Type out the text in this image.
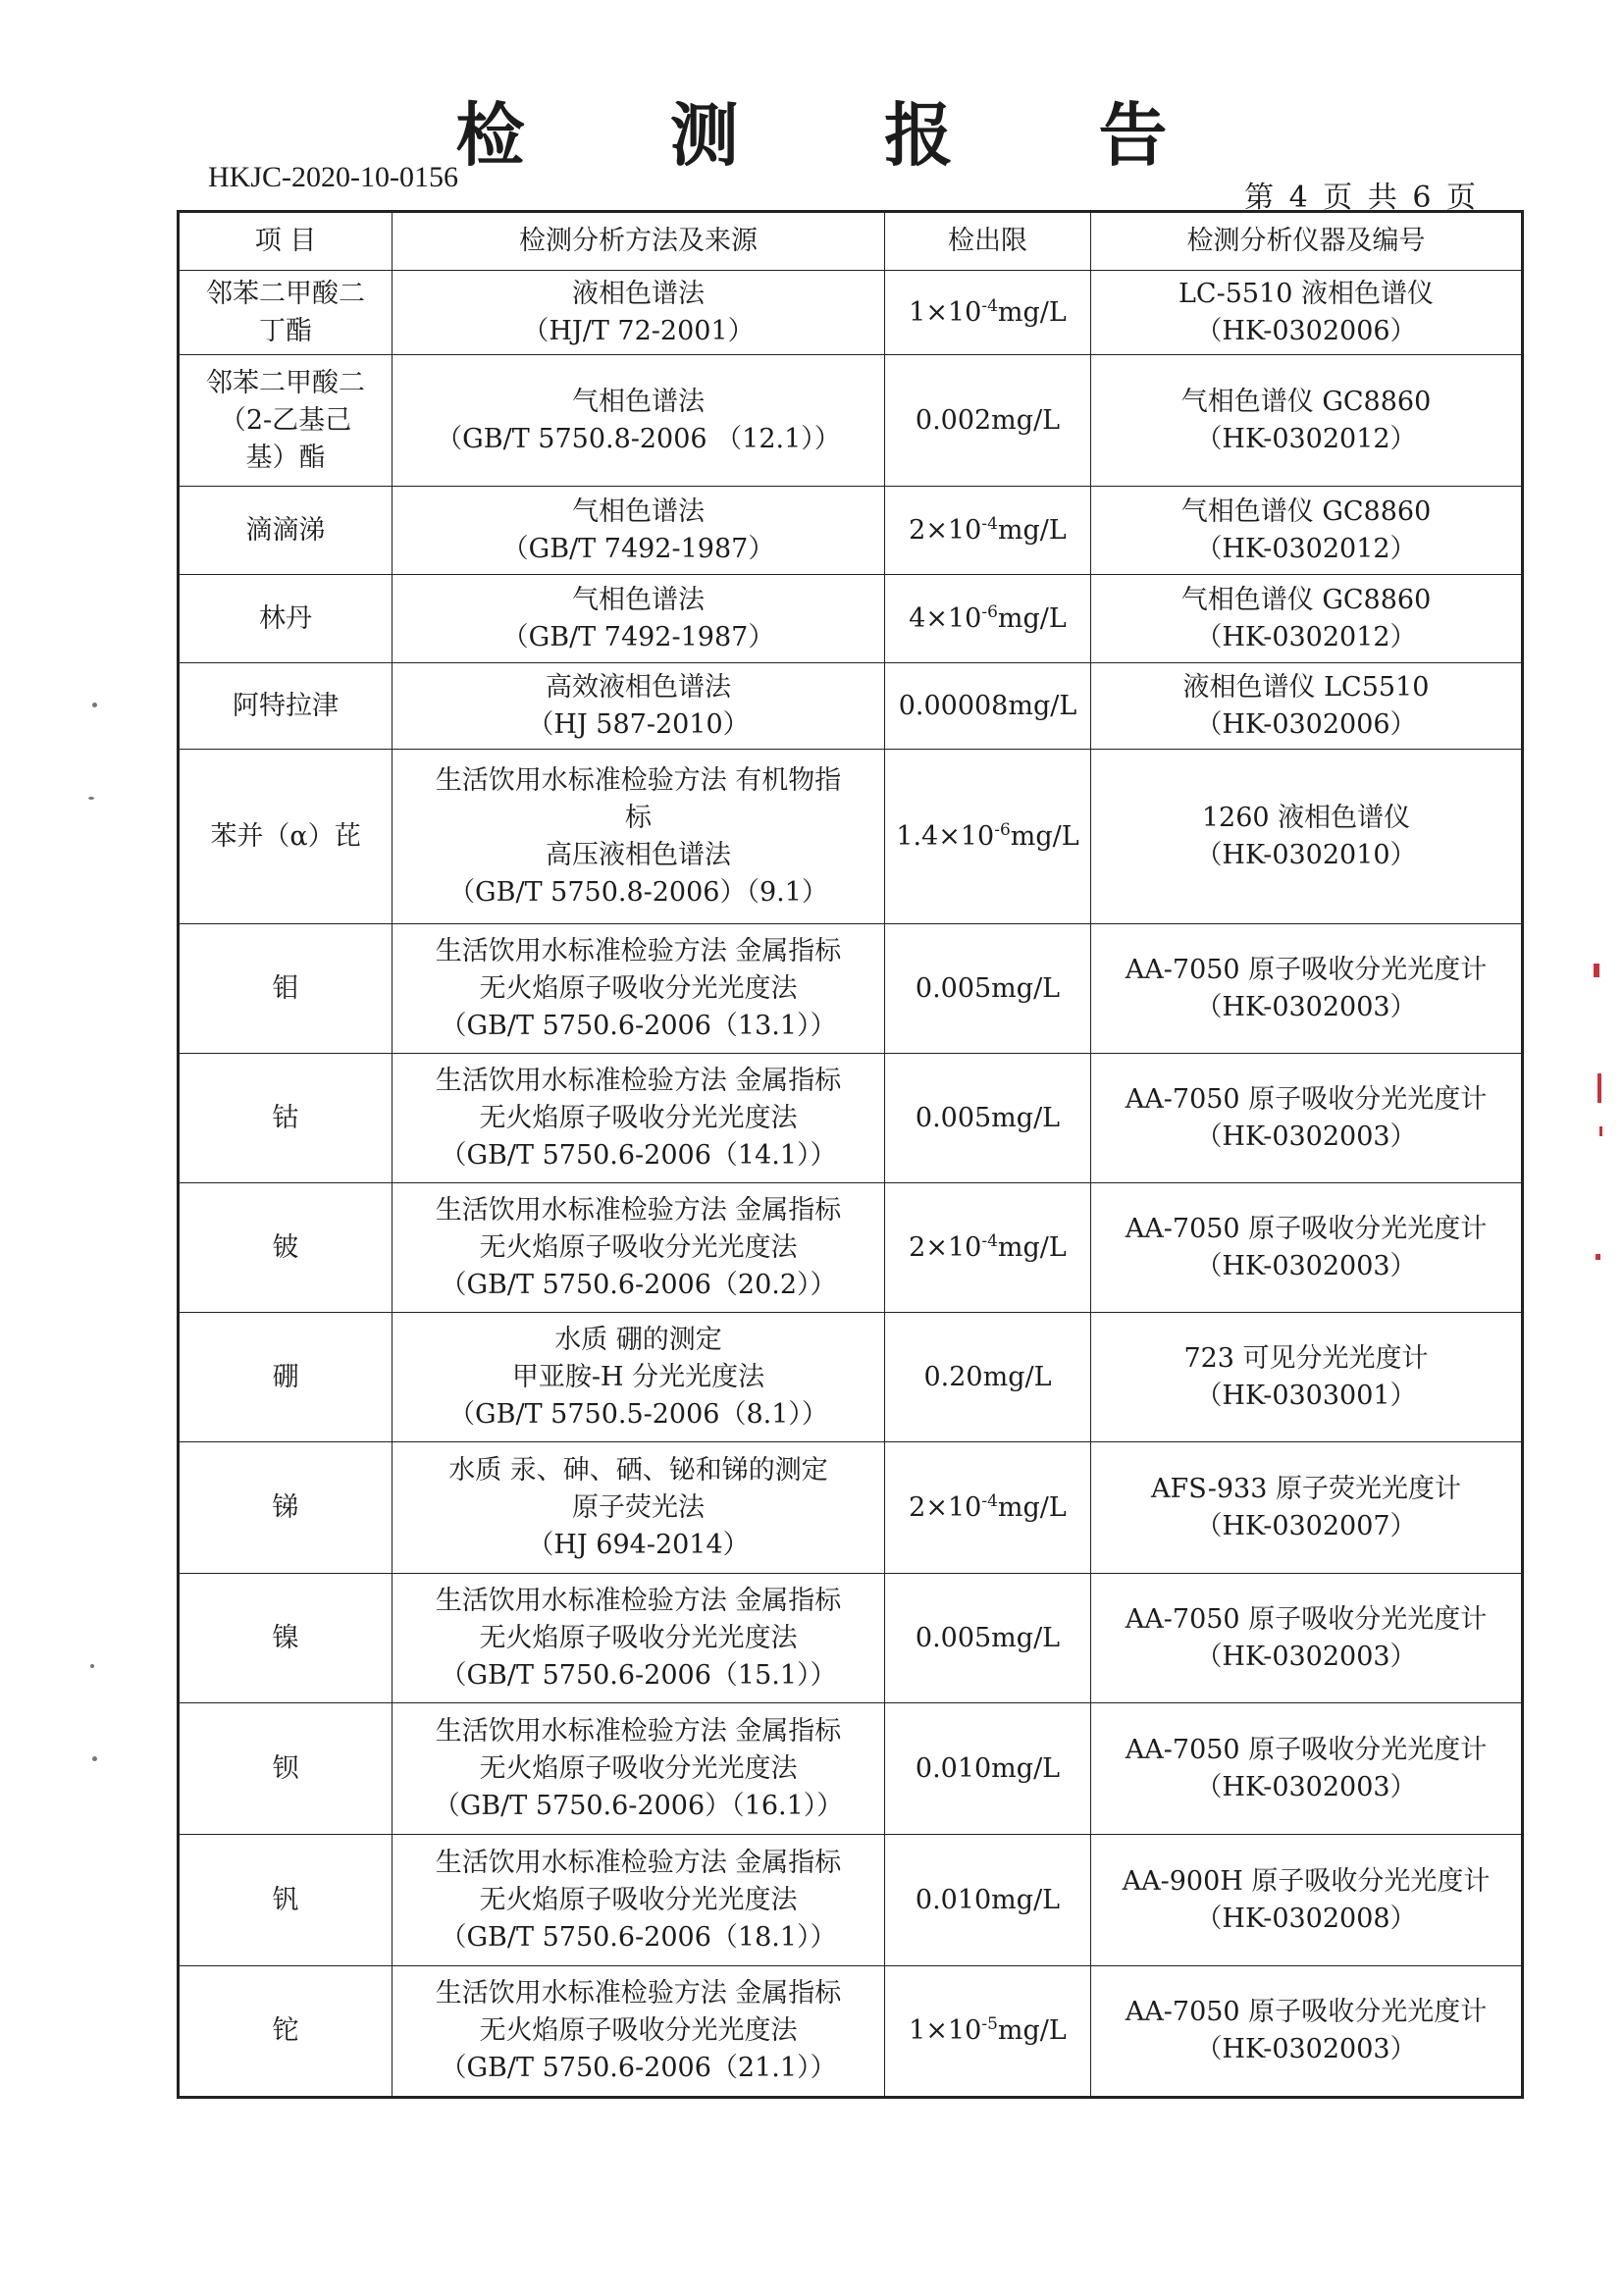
检 测 报 告
HKJC-2020-10-0156
第 4 页 共 6 页
项 目	检测分析方法及来源	检出限	检测分析仪器及编号

邻苯二甲酸二
丁酯	液相色谱法
（HJ/T 72-2001）	$1\times 10^{-4}mg/L$	LC-5510 液相色谱仪
（HK-0302006）

邻苯二甲酸二
（2-乙基己
基）酯	气相色谱法
（GB/T 5750.8-2006 （12.1））	0.002mg/L	气相色谱仪 GC8860
（HK-0302012）

滴滴涕	气相色谱法
（GB/T 7492-1987）	$2\times 10^{-4}mg/L$	气相色谱仪 GC8860
（HK-0302012）

林丹	气相色谱法
（GB/T 7492-1987）	$4\times 10^{-6}mg/L$	气相色谱仪 GC8860
（HK-0302012）

阿特拉津	高效液相色谱法
（HJ 587-2010）	0.00008mg/L	液相色谱仪 LC5510
（HK-0302006）

苯并（α）芘	生活饮用水标准检验方法 有机物指
标
高压液相色谱法
（GB/T 5750.8-2006）（9.1）	$1.4\times 10^{-6}mg/L$	1260 液相色谱仪
（HK-0302010）

钼	生活饮用水标准检验方法 金属指标
无火焰原子吸收分光光度法
（GB/T 5750.6-2006（13.1））	0.005mg/L	AA-7050 原子吸收分光光度计
（HK-0302003）

钴	生活饮用水标准检验方法 金属指标
无火焰原子吸收分光光度法
（GB/T 5750.6-2006（14.1））	0.005mg/L	AA-7050 原子吸收分光光度计
（HK-0302003）

铍	生活饮用水标准检验方法 金属指标
无火焰原子吸收分光光度法
（GB/T 5750.6-2006（20.2））	$2\times 10^{-4}mg/L$	AA-7050 原子吸收分光光度计
（HK-0302003）

硼	水质 硼的测定
甲亚胺-H 分光光度法
（GB/T 5750.5-2006（8.1））	0.20mg/L	723 可见分光光度计
（HK-0303001）

锑	水质 汞、砷、硒、铋和锑的测定
原子荧光法
（HJ 694-2014）	$2\times 10^{-4}mg/L$	AFS-933 原子荧光光度计
（HK-0302007）

镍	生活饮用水标准检验方法 金属指标
无火焰原子吸收分光光度法
（GB/T 5750.6-2006（15.1））	0.005mg/L	AA-7050 原子吸收分光光度计
（HK-0302003）

钡	生活饮用水标准检验方法 金属指标
无火焰原子吸收分光光度法
（GB/T 5750.6-2006）（16.1））	0.010mg/L	AA-7050 原子吸收分光光度计
（HK-0302003）

钒	生活饮用水标准检验方法 金属指标
无火焰原子吸收分光光度法
（GB/T 5750.6-2006（18.1））	0.010mg/L	AA-900H 原子吸收分光光度计
（HK-0302008）

铊	生活饮用水标准检验方法 金属指标
无火焰原子吸收分光光度法
（GB/T 5750.6-2006（21.1））	$1\times 10^{-5}mg/L$	AA-7050 原子吸收分光光度计
（HK-0302003）
